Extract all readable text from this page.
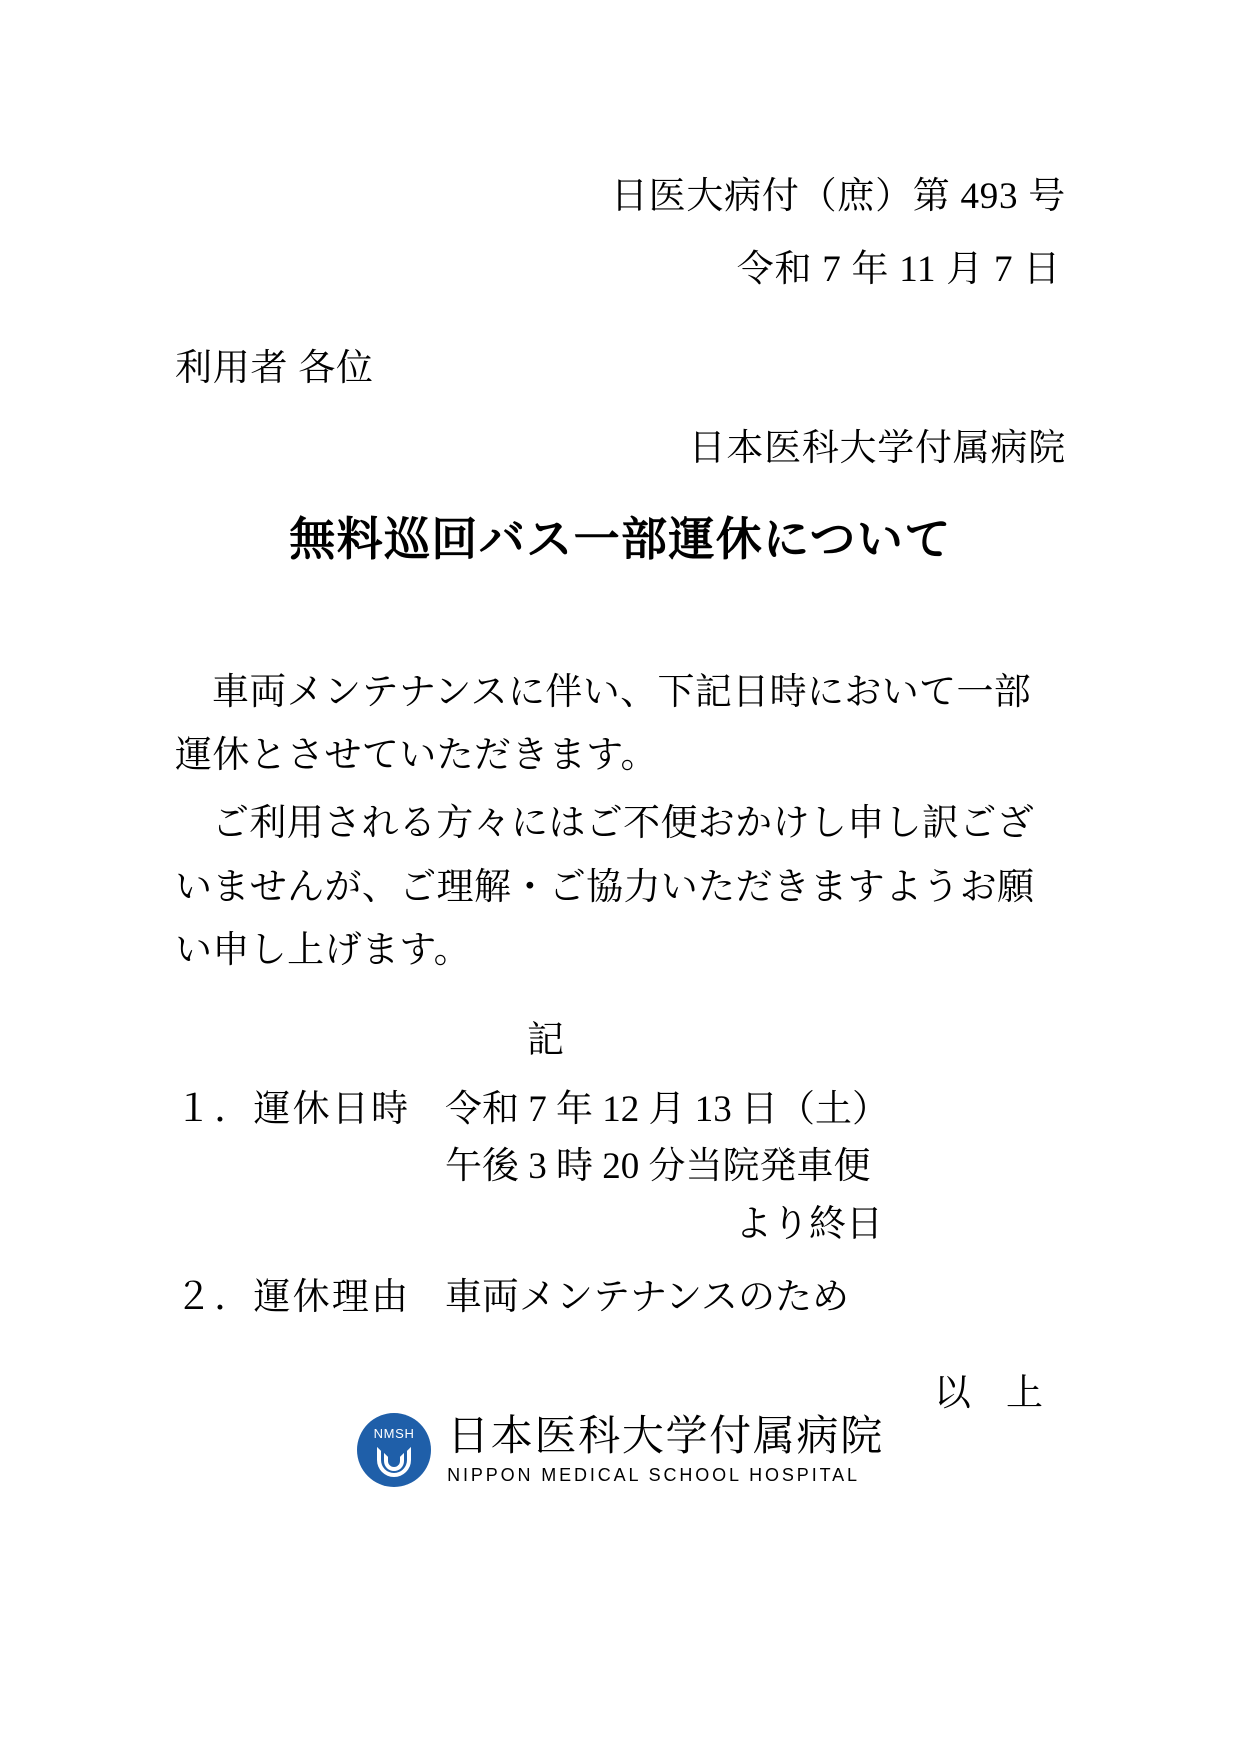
日医大病付（庶）第 493 号
令和 7 年 11 月 7 日
利用者 各位
日本医科大学付属病院
無料巡回バス一部運休について

車両メンテナンスに伴い、下記日時において一部運休とさせていただきます。

ご利用される方々にはご不便おかけし申し訳ございませんが、ご理解・ご協力いただきますようお願い申し上げます。

記
１．運休日時 令和 7 年 12 月 13 日（土）
午後 3 時 20 分当院発車便
より終日
２．運休理由 車両メンテナンスのため
以 上
NMSH 日本医科大学付属病院
NIPPON MEDICAL SCHOOL HOSPITAL
